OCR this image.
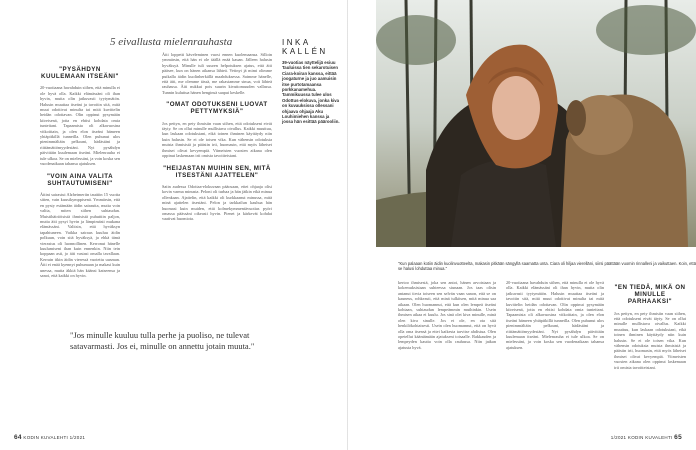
5 eivallusta mielenrauhasta
"PYSÄHDYN KUULEMAAN ITSEÄNI"

20-vuotiaana havahduin siihen, että minulla ei ole hyvä olla. Kaikki elämässäni oli ihan hyvin, mutta olin jatkuvasti tyytymätön. Halusin muuttaa itseäni ja tavoitin sitä, mitä muut odottivat minulta tai mitä kuvittelin heidän odottavan. Olin oppinut pysymään kiireisenä, jotta en ehtisi kohdata omia tunteitani. Tapaamista oli alkavuosina vitkoittain, ja olen elon itseäni hämeen yhtäpitkillä tunneilla. Olen puhunut ulos pienimmältäin pelkoani, hädästäni ja riittämättömyydestäni. Nyt pysähdyn päivittäin kuulemaan itseäni. Mielenrauha ei tule ulkoa. Se on mielessäni, ja voin koska sen vuodenaikaan tahansa ajatuksen.

"VOIN AINA VALITA SUHTAUTUMISENI"

Äitini sairastui Alzheimeriin tauttiin 15 vuotta sitten, vain kuusikymppisenä. Ymmärsin, että en pysty estämään äidin sairautta, mutta voin valita, miten siihen suhtaudun. Muistihäiriöisistä ihmisistä puhuttiin paljon, mutta äiti pysyi hyvin ja lämpimästi mukana elämässäni. Valitsin, että hyväksyn tapahtuneen. Vaikka sairaus kuuluu äidin polkuun, voin sitä hyväksyä, ja ehkä tämä vierastus oli luonnollinen. Kerronut hänelle kuulumiseni ihan kuin ennenkin. Niin tein koppaan asti, jo äiti vastasi omalla tavallaan. Kerrain itkin äidin vieressä vuotettu uusman. Äiti ei enää kyennyt puhumaan ja makasi kuin unessa, mutta äkkiä hän käänsi katseensa ja sanoi, että kaikki on hyvin.

Äiti loppetti käveleminen vuosi ennen kuolemaansa. Silloin ymmärsin, että hän ei ole täällä enää kauan. Jälleen halusin hyväksyä. Minulle tuli suuren helpotuksen ajatus, että äiti pääsee, kun on hänen aikansa lähteä. Vetinyt jä mimi olimme puikalla äidin kuolinherkällä maahduksessa. Saimme hänelle, että äiti, me olemme tässä, me rakastamme sinua, voit lähteä rauhassa. Äiti nukkui pois suurin kivuttomuuden vallassa. Tunnin kuluttua hänen henginsä saapui keskelle.

"OMAT ODOTUKSENI LUOVAT PETTYMYKSIÄ"

Jos pettyn, en pety ihmisiin vaan siihen, että odotukseni eivät täyty. Se on ollut minulle mullistava oivallus. Kaikki muuttuu, kun laskaan odotuksiani, eikä toinen ihminen käyttäydy niin kuin halusin. Se ei ole toisen vika. Kun vähensin odotuksia muista ihmisistä ja päästin irti, huomasin, että myös läheiset ihmiset olivat kevyempiä. Viimeisten vuosien aikana olen oppinut laskemaan irti omista tavoitteistani.

"HEIJASTAN MUIHIN SEN, MITÄ ITSESTÄNI AJATTELEN"

Saiin audessa Odottaa-elokuvaan pääosaan, ettei ohjaaja olisi kovin varma minusta. Peloni oli turhaa ja hän jäikin eikä minua ollenkaan. Ajattelin, että kaikki oli kurkkaanut minussa, mitä minä ajattelen itsestäni. Pelon ja tarkkailun kauhua hän huomasi kuin muiden, että kolmekymmentävuotias pyöri omassa päässäni oikeasti hyvin. Pienet ja kärkevät kohdat vaativat huomiota.

"Jos minulle kuuluu tulla perhe ja puoliso, ne tulevat satavarmasti. Jos ei, minulle on annettu jotain muuta."
INKA
KALLÉN
39-vuotias näyttelijä esiuu Tauluissa tien sekarotuisen Ciara-koiran kanssa, eittää joogaturne ja juo aamuisin itse purtotamaansa porkkanamehua. Tammikuussa tulee ulos Odottus-elokuva, jonka kiva on kuvauksissa ollessani ohjaava ohjaaja Aku Louhimiehen kanssa ja jossa hän esittää päärooliin.
64 KODIN KUVALEHTI 1/2021	1/2021 KODIN KUVALEHTI 65
"Kun palaaan kotiin äidin kuolinvuotteelta, makasin pitkään sängyllä saamatta unta. Ciara oli hiljaa vierelläni, siirsi päättään vuomin rinnalleni ja vaikuttaen. Koin, että se halusi lohduttaa minua."

kertoo ihmisestä, joka sen antoi, hänen arvoistaan ja kokemuksistaan suhteessa siunaan. Jos taas olisin antanut tirvia toiseen sen selvän vaan sanon, että se on kauneus, rohkeasti, että minä tulkitsen, mitä minua saa aikaan. Olen huomannut, että kun olen lempeä itseäni kohtaan, suhtaudun lempeämmin muihinkin. Usein ihmisen aikaa ei kuulu. Jos sinä olet kiva minulle, minä olen kiva sinulle. Jos et ole, en ota sitä henkilökohtaisesti. Usein olen huomannut, että on hyvä olla oma itsensä ja ettei kaikesta tarvitse ahdistua. Olen opetellut kääntämään ajatukseni toisaalle. Rakkauden ja lempeyden kautta voin olla rauhassa. Niin jatkan ajatusta hyvä.

20-vuotiaana havahduin siihen, että minulla ei ole hyvä olla. Kaikki elämässäni oli ihan hyvin, mutta olin jatkuvasti tyytymätön. Halusin muuttaa itseäni ja tavoitin sitä, mitä muut odottivat minulta tai mitä kuvittelin heidän odottavan. Olin oppinut pysymään kiireisenä, jotta en ehtisi kohdata omia tunteitani. Tapaamista oli alkavuosina vitkoittain, ja olen elon itseäni hämeen yhtäpitkillä tunneilla. Olen puhunut ulos pienimmältäin pelkoani, hädästäni ja riittämättömyydestäni. Nyt pysähdyn päivittäin kuulemaan itseäni. Mielenrauha ei tule ulkoa. Se on mielessäni, ja voin koska sen vuodenaikaan tahansa ajatuksen.

"EN TIEDÄ, MIKÄ ON MINULLE PARHAAKSI"

Jos pettyn, en pety ihmisiin vaan siihen, että odotukseni eivät täyty. Se on ollut minulle mullistava oivallus. Kaikki muuttuu, kun laskaan odotuksiani, eikä toinen ihminen käyttäydy niin kuin halusin. Se ei ole toisen vika. Kun vähensin odotuksia muista ihmisistä ja päästin irti, huomasin, että myös läheiset ihmiset olivat kevyempiä. Viimeisten vuosien aikana olen oppinut laskemaan irti omista tavoitteistani.
